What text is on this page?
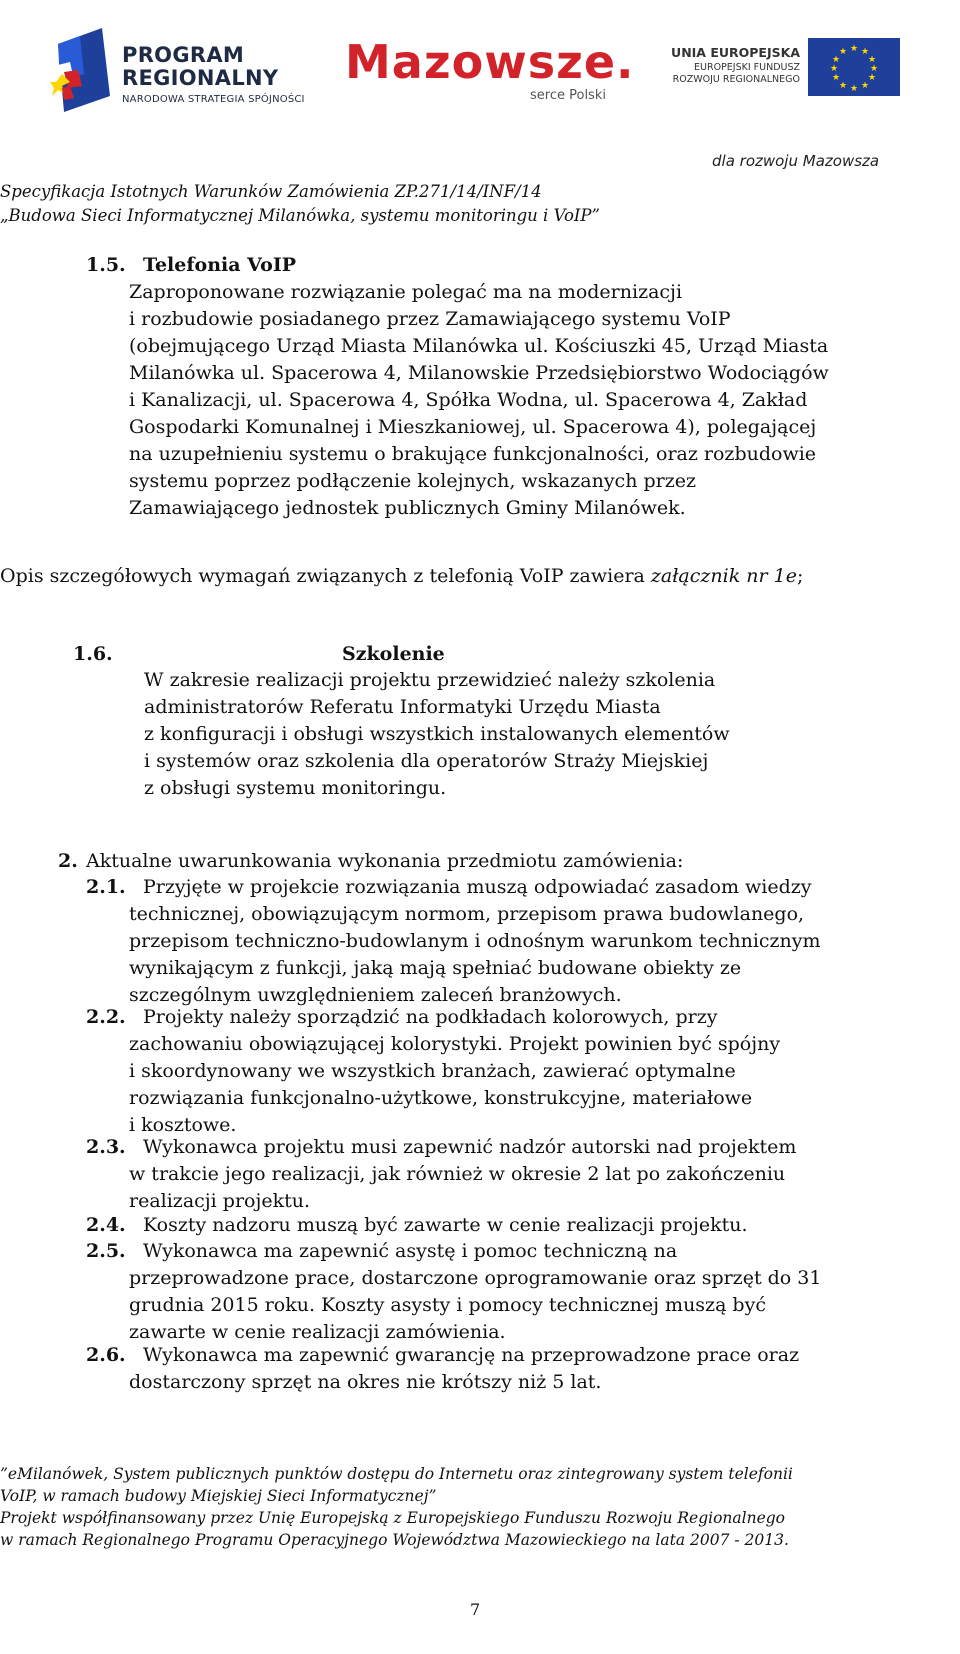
PROGRAM
REGIONALNY
NARODOWA STRATEGIA SPÓJNOŚCI
Mazowsze.
serce Polski
UNIA EUROPEJSKA
EUROPEJSKI FUNDUSZ
ROZWOJU REGIONALNEGO
★ ★
★
★
★
★
★
★
★
★
★
★
dla rozwoju Mazowsza
Specyfikacja Istotnych Warunków Zamówienia ZP.271/14/INF/14
„Budowa Sieci Informatycznej Milanówka, systemu monitoringu i VoIP”
1.5. Telefonia VoIP
Zaproponowane rozwiązanie polegać ma na modernizacji
i rozbudowie posiadanego przez Zamawiającego systemu VoIP
(obejmującego Urząd Miasta Milanówka ul. Kościuszki 45, Urząd Miasta
Milanówka ul. Spacerowa 4, Milanowskie Przedsiębiorstwo Wodociągów
i Kanalizacji, ul. Spacerowa 4, Spółka Wodna, ul. Spacerowa 4, Zakład
Gospodarki Komunalnej i Mieszkaniowej, ul. Spacerowa 4), polegającej
na uzupełnieniu systemu o brakujące funkcjonalności, oraz rozbudowie
systemu poprzez podłączenie kolejnych, wskazanych przez
Zamawiającego jednostek publicznych Gminy Milanówek.
Opis szczegółowych wymagań związanych z telefonią VoIP zawiera załącznik nr 1e;
1.6.	Szkolenie
W zakresie realizacji projektu przewidzieć należy szkolenia
administratorów Referatu Informatyki Urzędu Miasta
z konfiguracji i obsługi wszystkich instalowanych elementów
i systemów oraz szkolenia dla operatorów Straży Miejskiej
z obsługi systemu monitoringu.
2. Aktualne uwarunkowania wykonania przedmiotu zamówienia:
2.1. Przyjęte w projekcie rozwiązania muszą odpowiadać zasadom wiedzy
technicznej, obowiązującym normom, przepisom prawa budowlanego,
przepisom techniczno-budowlanym i odnośnym warunkom technicznym
wynikającym z funkcji, jaką mają spełniać budowane obiekty ze
szczególnym uwzględnieniem zaleceń branżowych.
2.2. Projekty należy sporządzić na podkładach kolorowych, przy
zachowaniu obowiązującej kolorystyki. Projekt powinien być spójny
i skoordynowany we wszystkich branżach, zawierać optymalne
rozwiązania funkcjonalno-użytkowe, konstrukcyjne, materiałowe
i kosztowe.
2.3. Wykonawca projektu musi zapewnić nadzór autorski nad projektem
w trakcie jego realizacji, jak również w okresie 2 lat po zakończeniu
realizacji projektu.
2.4. Koszty nadzoru muszą być zawarte w cenie realizacji projektu.
2.5. Wykonawca ma zapewnić asystę i pomoc techniczną na
przeprowadzone prace, dostarczone oprogramowanie oraz sprzęt do 31
grudnia 2015 roku. Koszty asysty i pomocy technicznej muszą być
zawarte w cenie realizacji zamówienia.
2.6. Wykonawca ma zapewnić gwarancję na przeprowadzone prace oraz
dostarczony sprzęt na okres nie krótszy niż 5 lat.
”eMilanówek, System publicznych punktów dostępu do Internetu oraz zintegrowany system telefonii
VoIP, w ramach budowy Miejskiej Sieci Informatycznej”
Projekt współfinansowany przez Unię Europejską z Europejskiego Funduszu Rozwoju Regionalnego
w ramach Regionalnego Programu Operacyjnego Województwa Mazowieckiego na lata 2007 - 2013.
7
